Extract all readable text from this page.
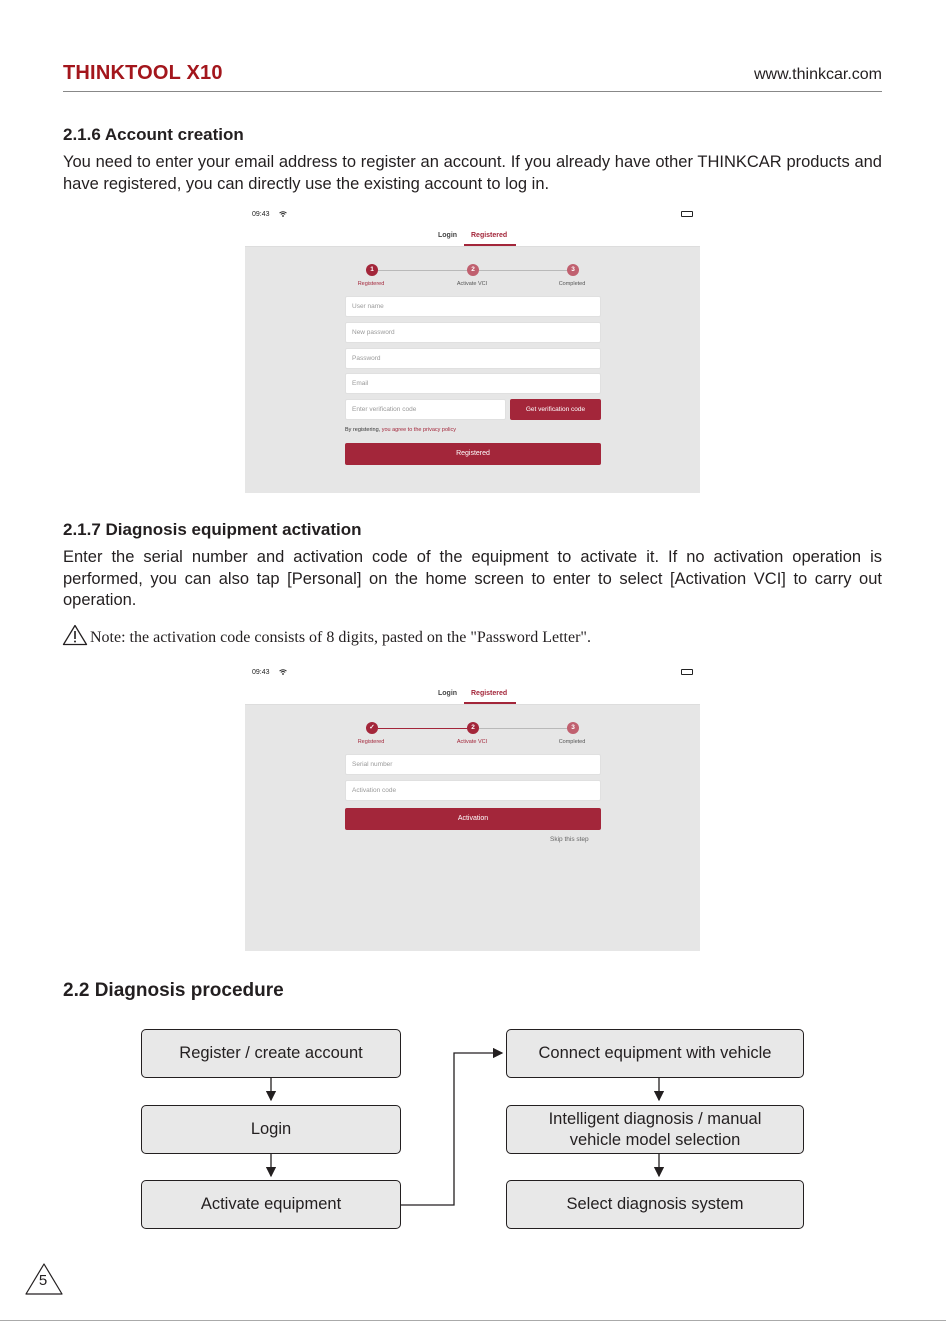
THINKTOOL X10	www.thinkcar.com
2.1.6 Account creation
You need to enter your email address to register an account. If you already have other THINKCAR products and have registered, you can directly use the existing account to log in.
09:43
Login Registered
1	2	3
Registered	Activate VCI	Completed
User name
New password
Password
Email
Enter verification code	Get verification code
By registering, you agree to the privacy policy
Registered
2.1.7 Diagnosis equipment activation
Enter the serial number and activation code of the equipment to activate it. If no activation operation is performed, you can also tap [Personal] on the home screen to enter to select [Activation VCI] to carry out operation.
Note: the activation code consists of 8 digits, pasted on the "Password Letter".
09:43
Login Registered
✓	2	3
Registered	Activate VCI	Completed
Serial number
Activation code
Activation
Skip this step
2.2 Diagnosis procedure
Register / create account
Login
Activate equipment
Connect equipment with vehicle
Intelligent diagnosis / manual vehicle model selection
Select diagnosis system
5
